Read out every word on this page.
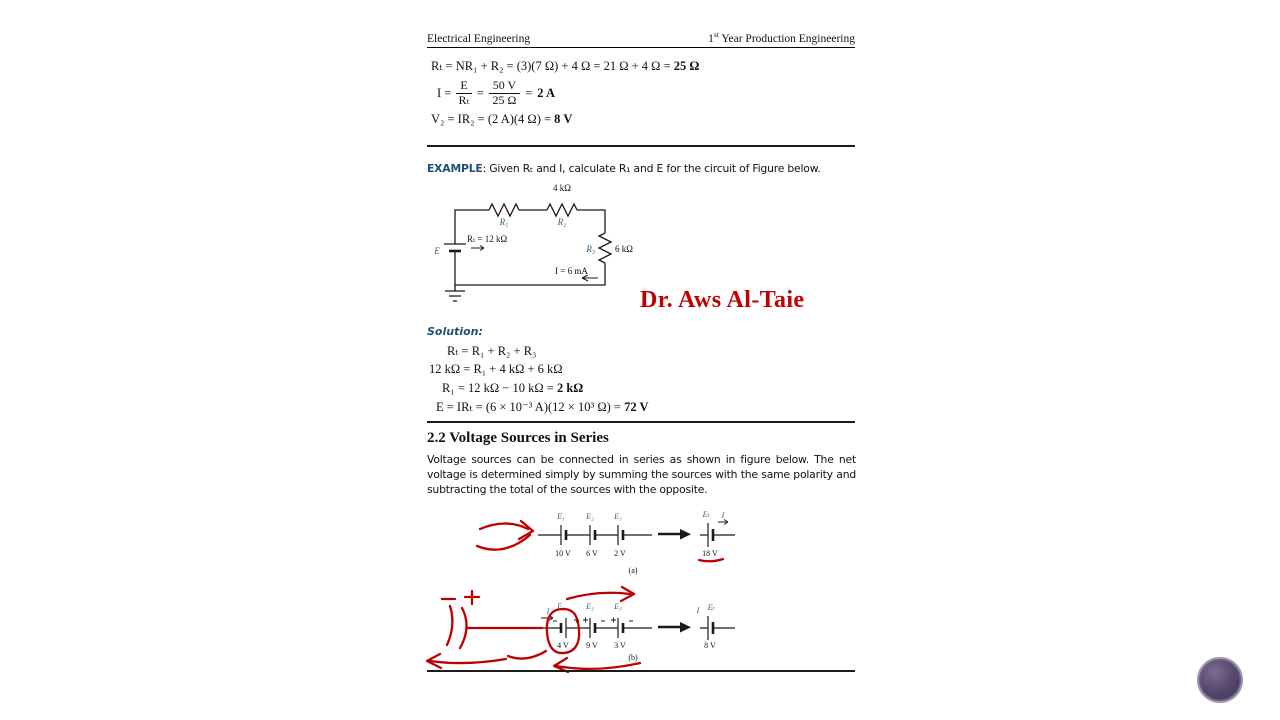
Electrical Engineering	1st Year Production Engineering
Rₜ = NR₁ + R₂ = (3)(7 Ω) + 4 Ω = 21 Ω + 4 Ω = 25 Ω
$I = \frac{E}{\text{Rₜ}} = \frac{50 V}{25 \Omega} = 2$ A
V₂ = IR₂ = (2 A)(4 Ω) = 8 V
EXAMPLE: Given Rₜ and I, calculate R₁ and E for the circuit of Figure below.
4 kΩ
R₁	R₂
Rₜ = 12 kΩ
E	R₃ 6 kΩ
I = 6 mA
Dr. Aws Al-Taie
Solution:
Rₜ = R₁ + R₂ + R₃
12 kΩ = R₁ + 4 kΩ + 6 kΩ
R₁ = 12 kΩ − 10 kΩ = 2 kΩ
E = IRₜ = (6 × 10⁻³ A)(12 × 10³ Ω) = 72 V
2.2 Voltage Sources in Series
Voltage sources can be connected in series as shown in figure below. The net voltage is determined simply by summing the sources with the same polarity and subtracting the total of the sources with the opposite.
E₁	E₂	E₃
10 V 6 V 2 V
Eₜ I
18 V
(a)
I
E₁	E₂	E₃
4 V 9 V 3 V
I Eₜ
8 V
(b)
